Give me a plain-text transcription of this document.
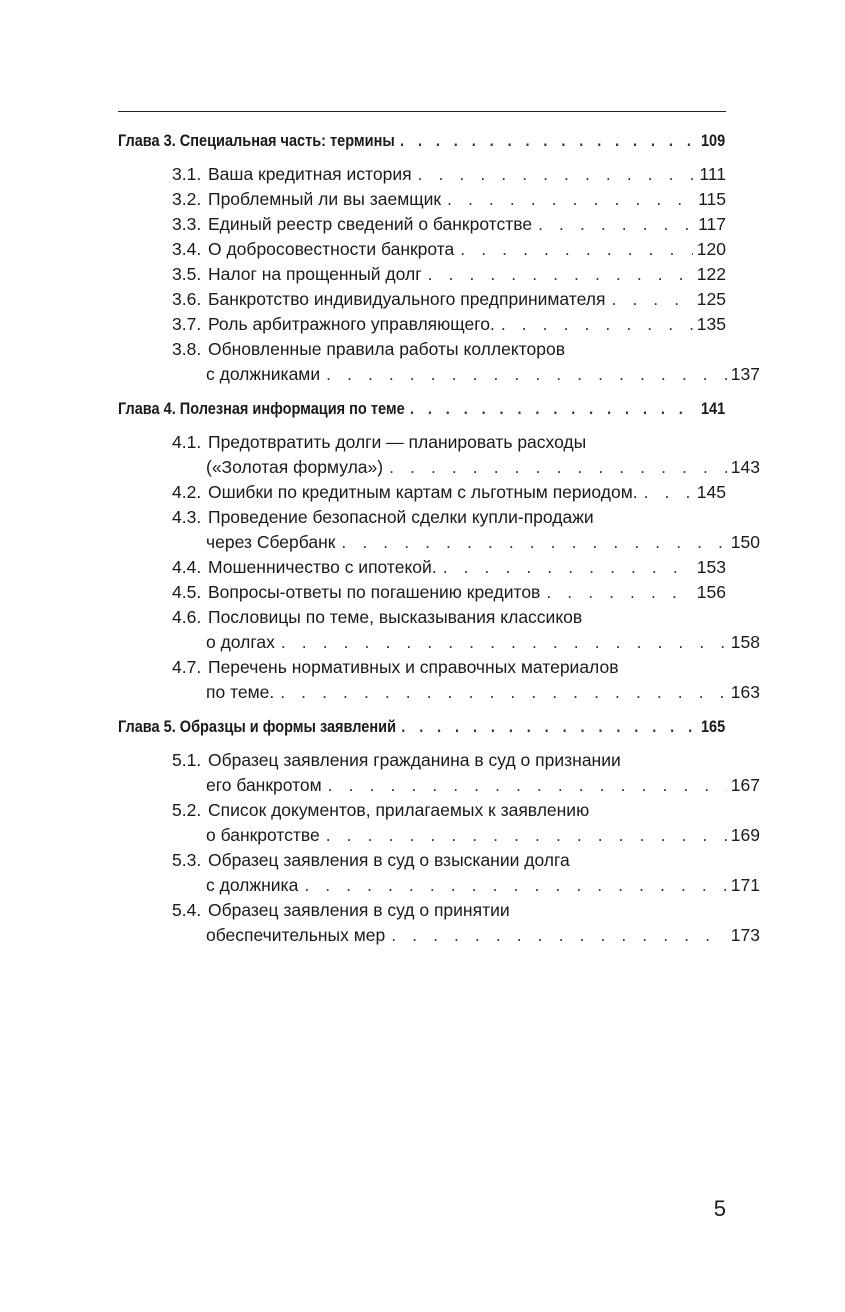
Глава 3. Специальная часть: термины . . .	109
3.1. Ваша кредитная история . . .	111
3.2. Проблемный ли вы заемщик . . .	115
3.3. Единый реестр сведений о банкротстве . . .	117
3.4. О добросовестности банкрота . . .	120
3.5. Налог на прощенный долг . . .	122
3.6. Банкротство индивидуального предпринимателя . . .	125
3.7. Роль арбитражного управляющего. . . .	135
3.8. Обновленные правила работы коллекторов
с должниками . . .	137
Глава 4. Полезная информация по теме . . .	141
4.1. Предотвратить долги — планировать расходы
(«Золотая формула») . . .	143
4.2. Ошибки по кредитным картам с льготным периодом. . . .	145
4.3. Проведение безопасной сделки купли-продажи
через Сбербанк . . .	150
4.4. Мошенничество с ипотекой. . . .	153
4.5. Вопросы-ответы по погашению кредитов . . .	156
4.6. Пословицы по теме, высказывания классиков
о долгах . . .	158
4.7. Перечень нормативных и справочных материалов
по теме. . . .	163
Глава 5. Образцы и формы заявлений . . .	165
5.1. Образец заявления гражданина в суд о признании
его банкротом . . .	167
5.2. Список документов, прилагаемых к заявлению
о банкротстве . . .	169
5.3. Образец заявления в суд о взыскании долга
с должника . . .	171
5.4. Образец заявления в суд о принятии
обеспечительных мер . . .	173
5
